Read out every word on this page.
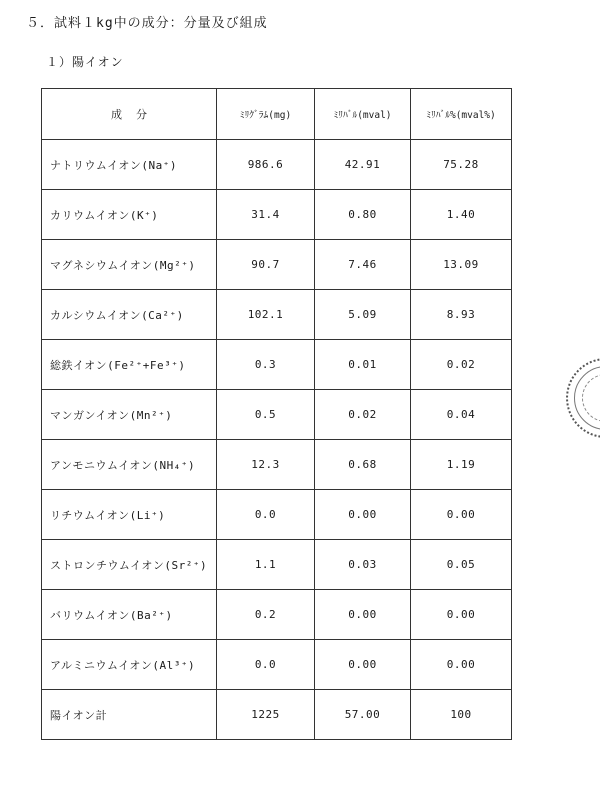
５．試料１kg中の成分：分量及び組成
１）陽イオン
成分	ﾐﾘｸﾞﾗﾑ(mg)	ﾐﾘﾊﾞﾙ(mval)	ﾐﾘﾊﾞﾙ%(mval%)
ナトリウムイオン(Na⁺)	986.6	42.91	75.28
カリウムイオン(K⁺)	31.4	0.80	1.40
マグネシウムイオン(Mg²⁺)	90.7	7.46	13.09
カルシウムイオン(Ca²⁺)	102.1	5.09	8.93
総鉄イオン(Fe²⁺+Fe³⁺)	0.3	0.01	0.02
マンガンイオン(Mn²⁺)	0.5	0.02	0.04
アンモニウムイオン(NH₄⁺)	12.3	0.68	1.19
リチウムイオン(Li⁺)	0.0	0.00	0.00
ストロンチウムイオン(Sr²⁺)	1.1	0.03	0.05
バリウムイオン(Ba²⁺)	0.2	0.00	0.00
アルミニウムイオン(Al³⁺)	0.0	0.00	0.00
陽イオン計	1225	57.00	100
